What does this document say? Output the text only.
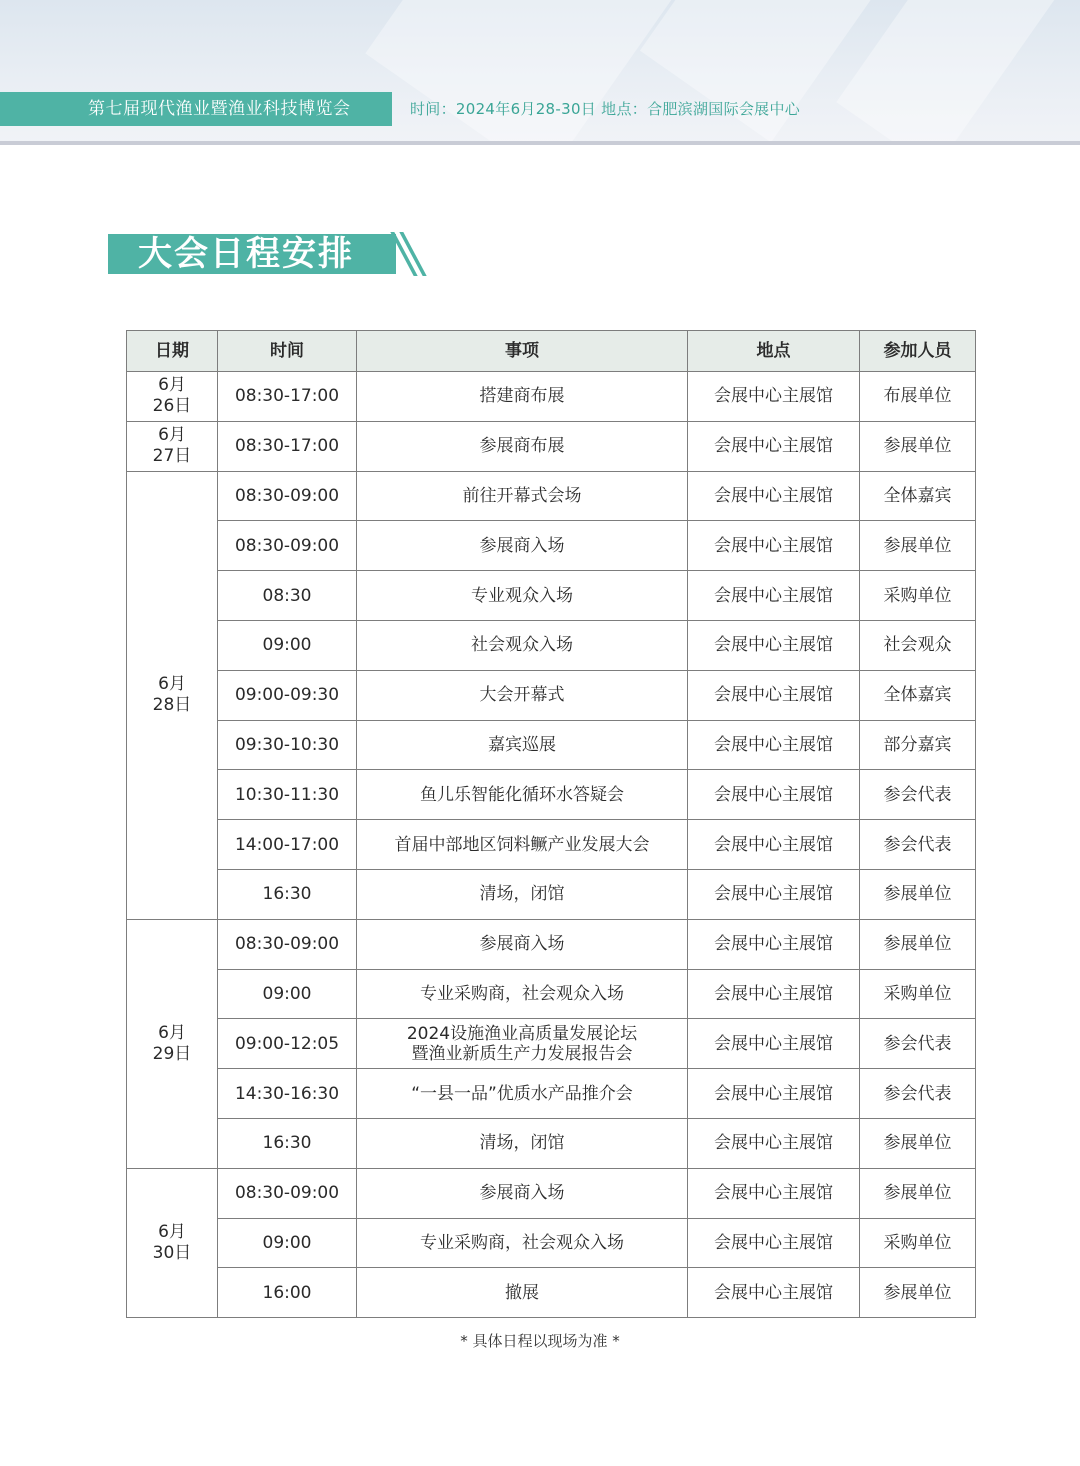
第七届现代渔业暨渔业科技博览会	时间：2024年6月28-30日 地点：合肥滨湖国际会展中心
大会日程安排
日期	时间	事项	地点	参加人员

6月
26日	08:30-17:00	搭建商布展	会展中心主展馆	布展单位

6月
27日	08:30-17:00	参展商布展	会展中心主展馆	参展单位

6月
28日	08:30-09:00	前往开幕式会场	会展中心主展馆	全体嘉宾
	08:30-09:00	参展商入场	会展中心主展馆	参展单位
	08:30	专业观众入场	会展中心主展馆	采购单位
	09:00	社会观众入场	会展中心主展馆	社会观众
	09:00-09:30	大会开幕式	会展中心主展馆	全体嘉宾
	09:30-10:30	嘉宾巡展	会展中心主展馆	部分嘉宾
	10:30-11:30	鱼儿乐智能化循环水答疑会	会展中心主展馆	参会代表
	14:00-17:00	首届中部地区饲料鳜产业发展大会	会展中心主展馆	参会代表
	16:30	清场，闭馆	会展中心主展馆	参展单位

6月
29日	08:30-09:00	参展商入场	会展中心主展馆	参展单位
	09:00	专业采购商，社会观众入场	会展中心主展馆	采购单位
	09:00-12:05	2024设施渔业高质量发展论坛
暨渔业新质生产力发展报告会	会展中心主展馆	参会代表
	14:30-16:30	“一县一品”优质水产品推介会	会展中心主展馆	参会代表
	16:30	清场，闭馆	会展中心主展馆	参展单位

6月
30日	08:30-09:00	参展商入场	会展中心主展馆	参展单位
	09:00	专业采购商，社会观众入场	会展中心主展馆	采购单位
	16:00	撤展	会展中心主展馆	参展单位
* 具体日程以现场为准 *
